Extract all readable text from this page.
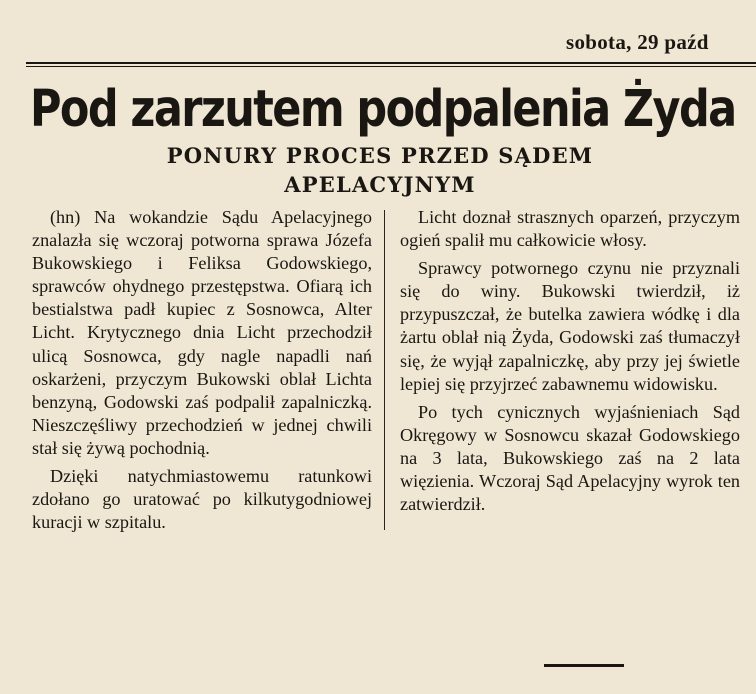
sobota, 29 paźd
Pod zarzutem podpalenia Żyda
PONURY PROCES PRZED SĄDEM
APELACYJNYM

(hn) Na wokandzie Sądu Apelacyjnego znalazła się wczoraj potworna sprawa Józefa Bukowskiego i Feliksa Godowskiego, sprawców ohydnego przestępstwa. Ofiarą ich bestialstwa padł kupiec z Sosnowca, Alter Licht. Krytycznego dnia Licht przechodził ulicą Sosnowca, gdy nagle napadli nań oskarżeni, przyczym Bukowski oblał Lichta benzyną, Godowski zaś podpalił zapalniczką. Nieszczęśliwy przechodzień w jednej chwili stał się żywą pochodnią.

Dzięki natychmiastowemu ratunkowi zdołano go uratować po kilkutygodniowej kuracji w szpitalu.

Licht doznał strasznych oparzeń, przyczym ogień spalił mu całkowicie włosy.

Sprawcy potwornego czynu nie przyznali się do winy. Bukowski twierdził, iż przypuszczał, że butelka zawiera wódkę i dla żartu oblał nią Żyda, Godowski zaś tłumaczył się, że wyjął zapalniczkę, aby przy jej świetle lepiej się przyjrzeć zabawnemu widowisku.

Po tych cynicznych wyjaśnieniach Sąd Okręgowy w Sosnowcu skazał Godowskiego na 3 lata, Bukowskiego zaś na 2 lata więzienia. Wczoraj Sąd Apelacyjny wyrok ten zatwierdził.
